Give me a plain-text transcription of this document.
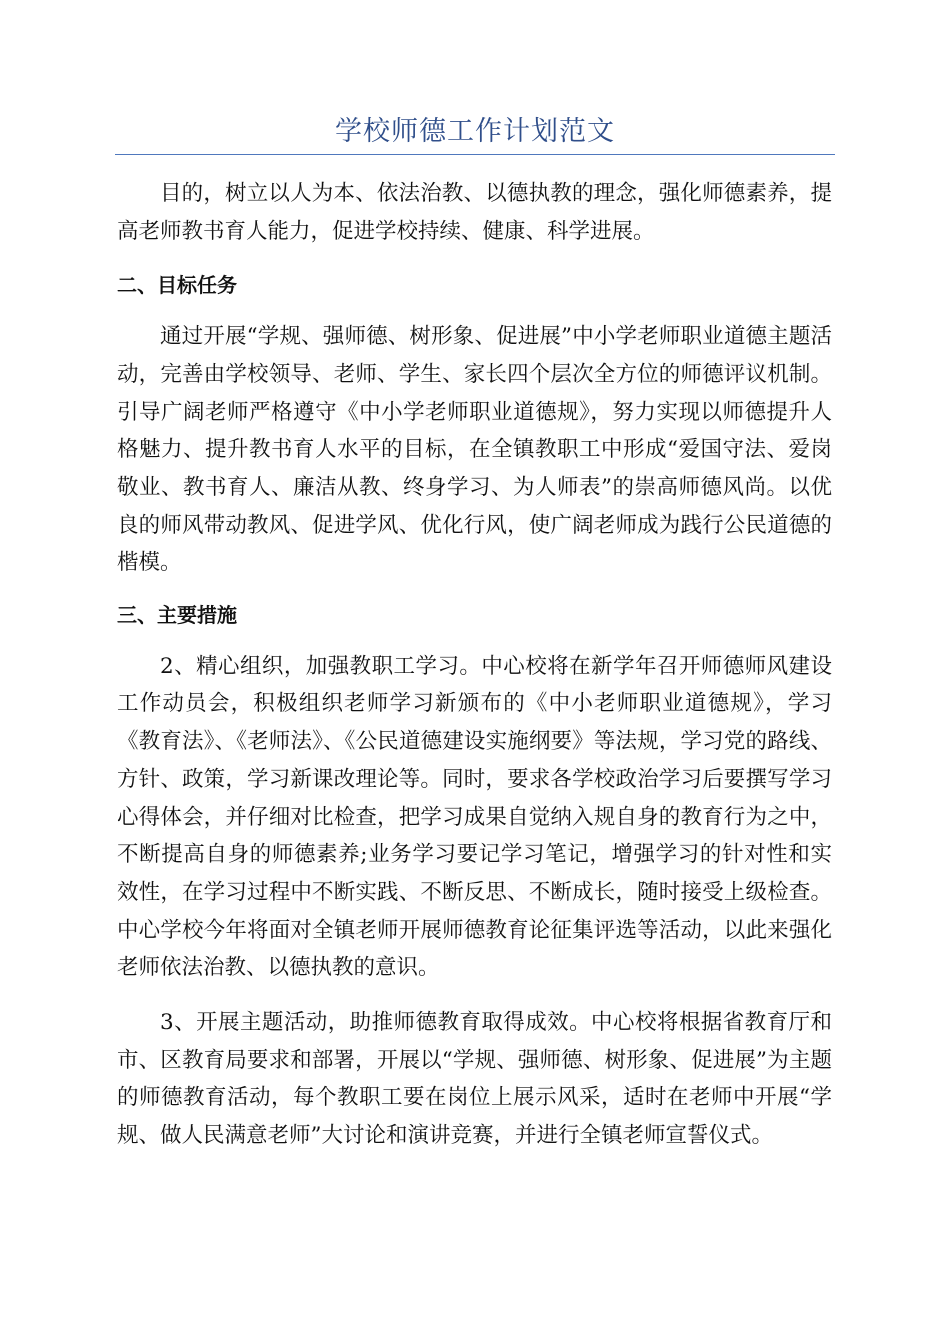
学校师德工作计划范文

目的，树立以人为本、依法治教、以德执教的理念，强化师德素养，提高老师教书育人能力，促进学校持续、健康、科学进展。

二、目标任务

通过开展“学规、强师德、树形象、促进展”中小学老师职业道德主题活动，完善由学校领导、老师、学生、家长四个层次全方位的师德评议机制。引导广阔老师严格遵守《中小学老师职业道德规》，努力实现以师德提升人格魅力、提升教书育人水平的目标，在全镇教职工中形成“爱国守法、爱岗敬业、教书育人、廉洁从教、终身学习、为人师表”的崇高师德风尚。以优良的师风带动教风、促进学风、优化行风，使广阔老师成为践行公民道德的楷模。

三、主要措施

2、精心组织，加强教职工学习。中心校将在新学年召开师德师风建设工作动员会，积极组织老师学习新颁布的《中小老师职业道德规》，学习《教育法》、《老师法》、《公民道德建设实施纲要》等法规，学习党的路线、方针、政策，学习新课改理论等。同时，要求各学校政治学习后要撰写学习心得体会，并仔细对比检查，把学习成果自觉纳入规自身的教育行为之中，不断提高自身的师德素养;业务学习要记学习笔记，增强学习的针对性和实效性，在学习过程中不断实践、不断反思、不断成长，随时接受上级检查。中心学校今年将面对全镇老师开展师德教育论征集评选等活动，以此来强化老师依法治教、以德执教的意识。

3、开展主题活动，助推师德教育取得成效。中心校将根据省教育厅和市、区教育局要求和部署，开展以“学规、强师德、树形象、促进展”为主题的师德教育活动，每个教职工要在岗位上展示风采，适时在老师中开展“学规、做人民满意老师”大讨论和演讲竞赛，并进行全镇老师宣誓仪式。
